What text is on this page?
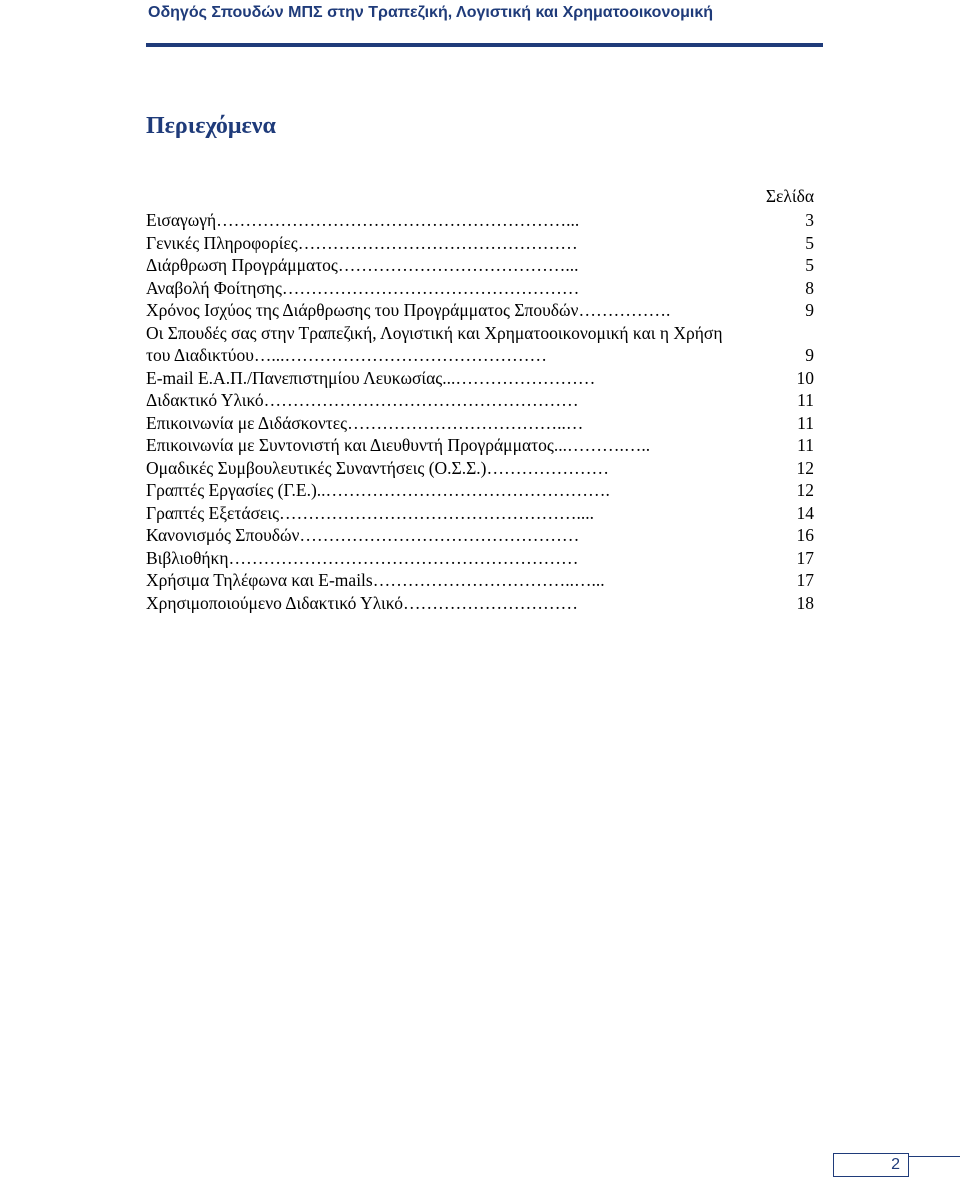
Οδηγός Σπουδών ΜΠΣ στην Τραπεζική, Λογιστική και Χρηματοοικονομική
Περιεχόμενα
Σελίδα
Εισαγωγή……………………………………………………...	3
Γενικές Πληροφορίες…………………………………………	5
Διάρθρωση Προγράμματος…………………………………...	5
Αναβολή Φοίτησης……………………………………………	8
Χρόνος Ισχύος της Διάρθρωσης του Προγράμματος Σπουδών…………….	9
Οι Σπουδές σας στην Τραπεζική, Λογιστική και Χρηματοοικονομική και η Χρήση του Διαδικτύου…...………………………………………	9
E-mail Ε.Α.Π./Πανεπιστημίου Λευκωσίας...……………………	10
Διδακτικό Υλικό………………………………………………	11
Επικοινωνία με Διδάσκοντες………………………………..…	11
Επικοινωνία με Συντονιστή και Διευθυντή Προγράμματος...……….…..	11
Ομαδικές Συμβουλευτικές Συναντήσεις (Ο.Σ.Σ.)…………………	12
Γραπτές Εργασίες (Γ.Ε.)..………………………………………….	12
Γραπτές Εξετάσεις……………………………………………....	14
Κανονισμός Σπουδών…………………………………………	16
Βιβλιοθήκη……………………………………………………	17
Χρήσιμα Τηλέφωνα και E-mails……………………………..…...	17
Χρησιμοποιούμενο Διδακτικό Υλικό…………………………	18
2
